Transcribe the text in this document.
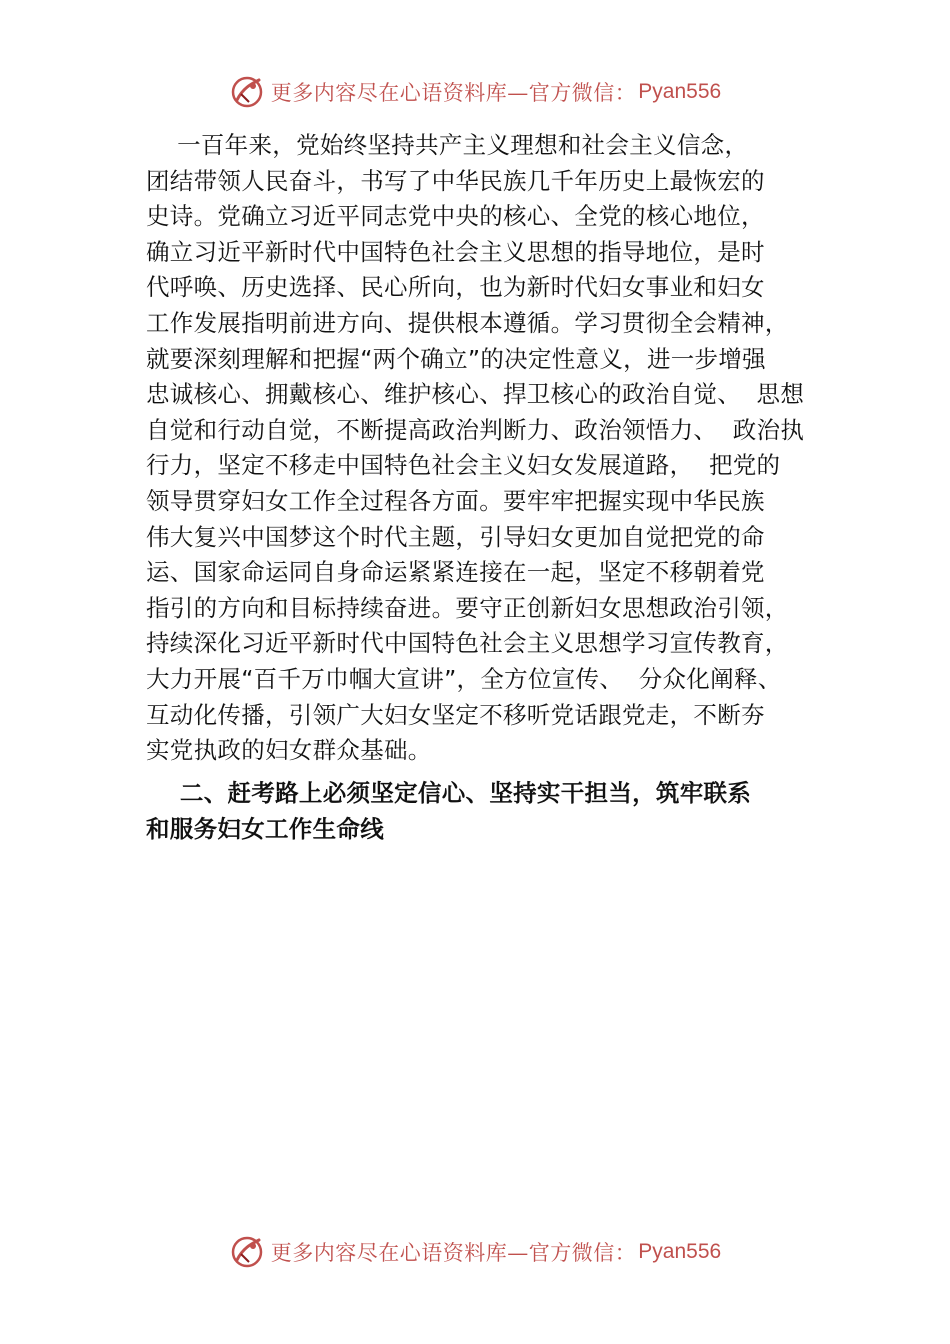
更多内容尽在心语资料库—官方微信： Pyan556
一百年来，党始终坚持共产主义理想和社会主义信念，
团结带领人民奋斗，书写了中华民族几千年历史上最恢宏的
史诗。党确立习近平同志党中央的核心、全党的核心地位，
确立习近平新时代中国特色社会主义思想的指导地位，是时
代呼唤、历史选择、民心所向，也为新时代妇女事业和妇女
工作发展指明前进方向、提供根本遵循。学习贯彻全会精神，
就要深刻理解和把握“两个确立”的决定性意义，进一步增强
忠诚核心、拥戴核心、维护核心、捍卫核心的政治自觉、  思想
自觉和行动自觉，不断提高政治判断力、政治领悟力、  政治执
行力，坚定不移走中国特色社会主义妇女发展道路，  把党的
领导贯穿妇女工作全过程各方面。要牢牢把握实现中华民族
伟大复兴中国梦这个时代主题，引导妇女更加自觉把党的命
运、国家命运同自身命运紧紧连接在一起，坚定不移朝着党
指引的方向和目标持续奋进。要守正创新妇女思想政治引领，
持续深化习近平新时代中国特色社会主义思想学习宣传教育，
大力开展“百千万巾帼大宣讲”，全方位宣传、  分众化阐释、
互动化传播，引领广大妇女坚定不移听党话跟党走，不断夯
实党执政的妇女群众基础。
二、赶考路上必须坚定信心、坚持实干担当，筑牢联系
和服务妇女工作生命线
更多内容尽在心语资料库—官方微信： Pyan556
